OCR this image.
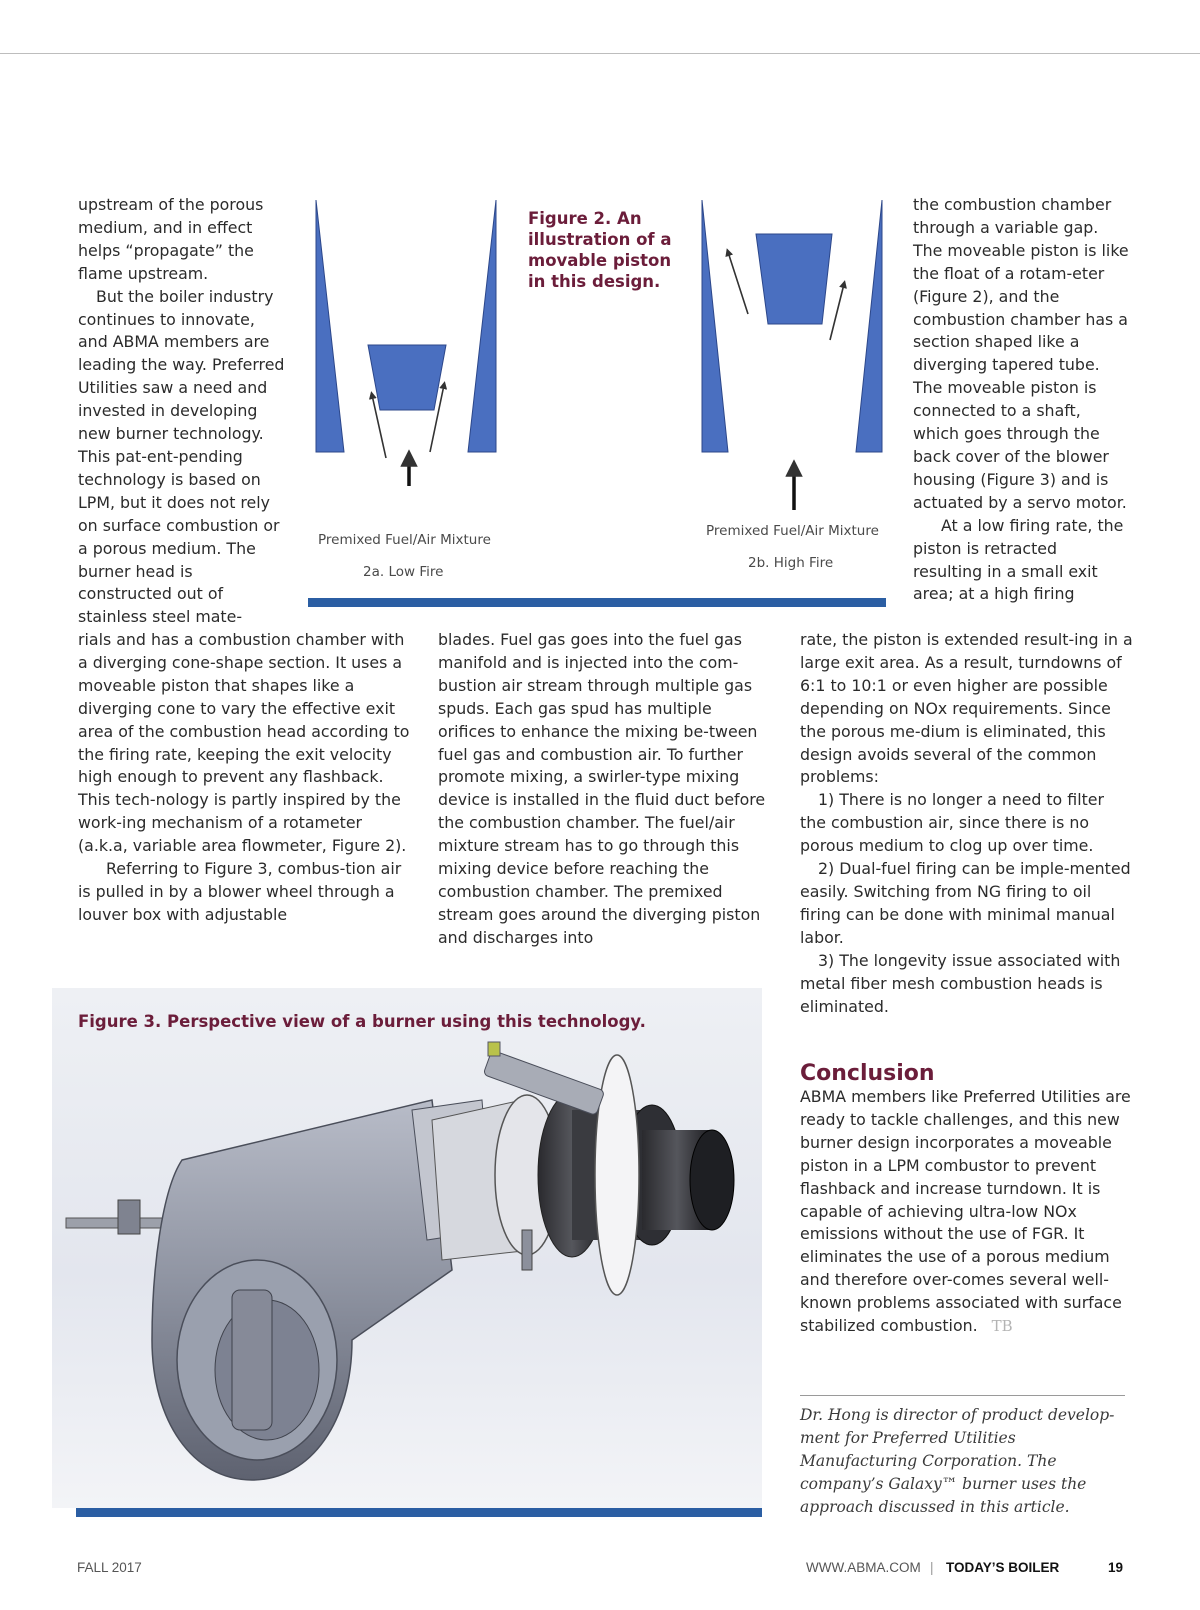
upstream of the porous medium, and in effect helps “propagate” the flame upstream.

But the boiler industry continues to innovate, and ABMA members are leading the way. Preferred Utilities saw a need and invested in developing new burner technology. This pat-ent-pending technology is based on LPM, but it does not rely on surface combustion or a porous medium. The burner head is constructed out of stainless steel mate-

rials and has a combustion chamber with a diverging cone-shape section. It uses a moveable piston that shapes like a diverging cone to vary the effective exit area of the combustion head according to the firing rate, keeping the exit velocity high enough to prevent any flashback. This tech-nology is partly inspired by the work-ing mechanism of a rotameter (a.k.a, variable area flowmeter, Figure 2).

Referring to Figure 3, combus-tion air is pulled in by a blower wheel through a louver box with adjustable

blades. Fuel gas goes into the fuel gas manifold and is injected into the com-bustion air stream through multiple gas spuds. Each gas spud has multiple orifices to enhance the mixing be-tween fuel gas and combustion air. To further promote mixing, a swirler-type mixing device is installed in the fluid duct before the combustion chamber. The fuel/air mixture stream has to go through this mixing device before reaching the combustion chamber. The premixed stream goes around the diverging piston and discharges into

the combustion chamber through a variable gap. The moveable piston is like the float of a rotam-eter (Figure 2), and the combustion chamber has a section shaped like a diverging tapered tube. The moveable piston is connected to a shaft, which goes through the back cover of the blower housing (Figure 3) and is actuated by a servo motor.

At a low firing rate, the piston is retracted resulting in a small exit area; at a high firing

rate, the piston is extended result-ing in a large exit area. As a result, turndowns of 6:1 to 10:1 or even higher are possible depending on NOx requirements. Since the porous me-dium is eliminated, this design avoids several of the common problems:

1) There is no longer a need to filter the combustion air, since there is no porous medium to clog up over time.

2) Dual-fuel firing can be imple-mented easily. Switching from NG firing to oil firing can be done with minimal manual labor.

3) The longevity issue associated with metal fiber mesh combustion heads is eliminated.

Conclusion

ABMA members like Preferred Utilities are ready to tackle challenges, and this new burner design incorporates a moveable piston in a LPM combustor to prevent flashback and increase turndown. It is capable of achieving ultra-low NOx emissions without the use of FGR. It eliminates the use of a porous medium and therefore over-comes several well-known problems associated with surface stabilized combustion. TB

Dr. Hong is director of product develop-ment for Preferred Utilities Manufacturing Corporation. The company’s Galaxy™ burner uses the approach discussed in this article.

Figure 2. An illustration of a movable piston in this design.

Premixed Fuel/Air Mixture
2a. Low Fire
Premixed Fuel/Air Mixture
2b. High Fire

Figure 3. Perspective view of a burner using this technology.

FALL 2017	WWW.ABMA.COM | TODAY’S BOILER	19
